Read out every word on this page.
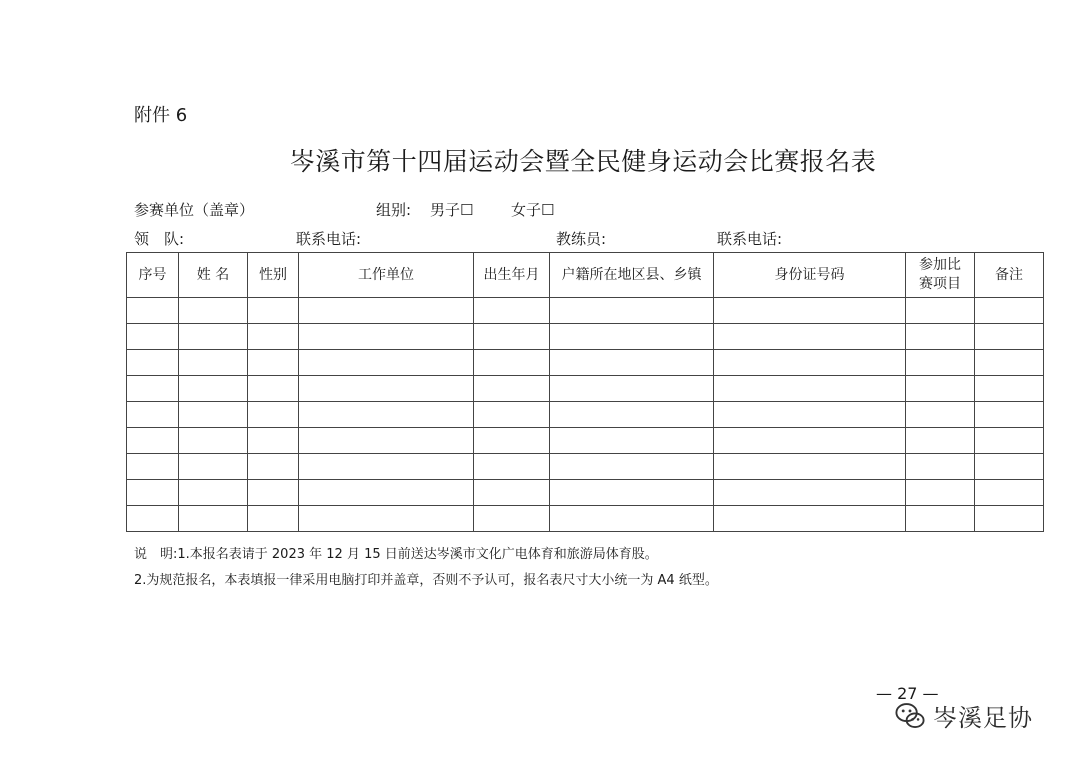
附件 6
岑溪市第十四届运动会暨全民健身运动会比赛报名表
参赛单位（盖章）	组别: 男子☐	女子☐
领　队:	联系电话:	教练员:	联系电话:
序号	姓 名	性别	工作单位	出生年月	户籍所在地区县、乡镇	身份证号码	参加比赛项目	备注

说　明:1.本报名表请于 2023 年 12 月 15 日前送达岑溪市文化广电体育和旅游局体育股。
2.为规范报名，本表填报一律采用电脑打印并盖章，否则不予认可，报名表尺寸大小统一为 A4 纸型。
— 27 —
岑溪足协
